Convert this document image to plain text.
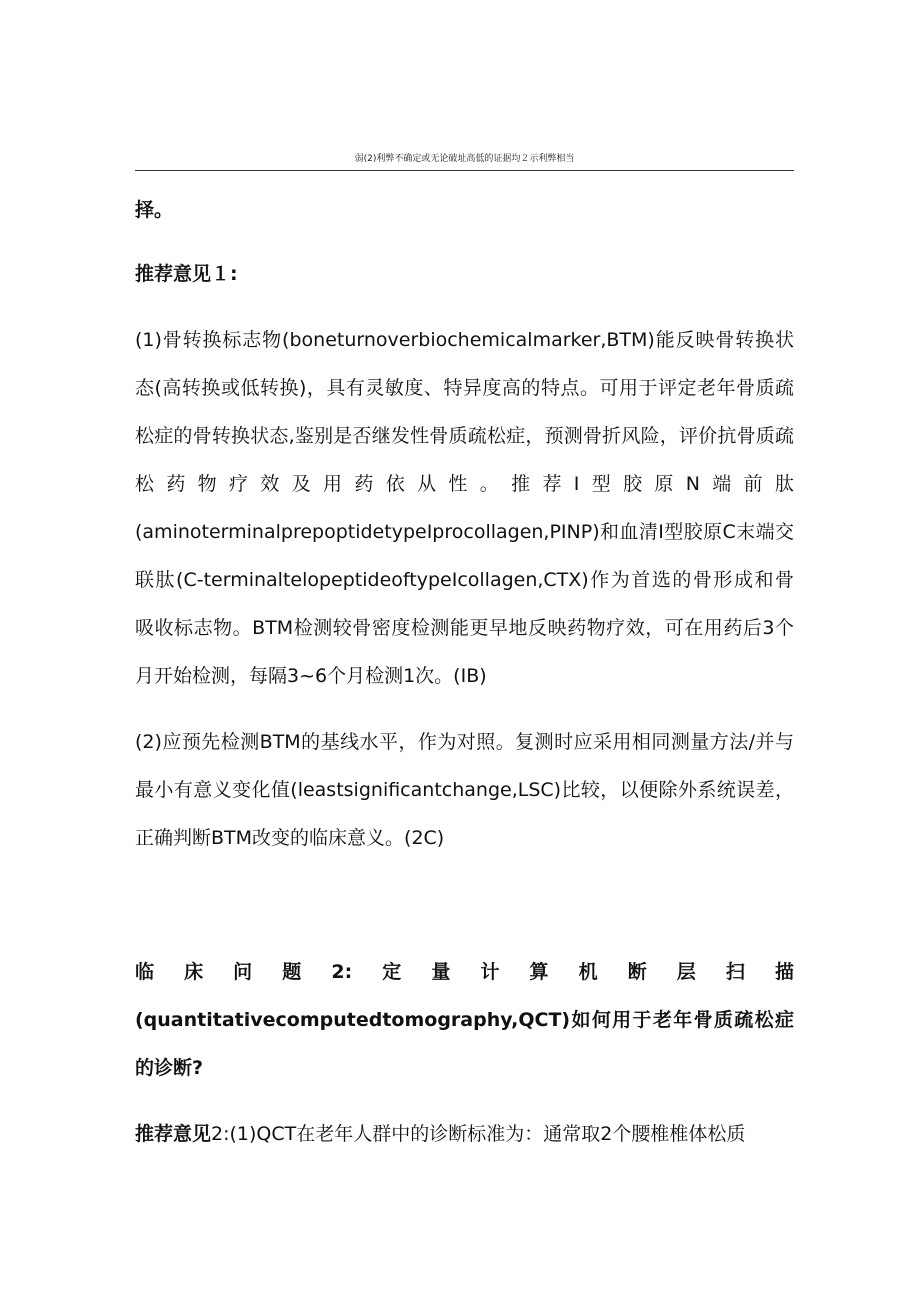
弱(2)利弊不确定或无论破址高低的证据均２示利弊相当
择。
推荐意见１:
(1)骨转换标志物(boneturnoverbiochemicalmarker,BTM)能反映骨转换状态(高转换或低转换)，具有灵敏度、特异度高的特点。可用于评定老年骨质疏松症的骨转换状态,鉴别是否继发性骨质疏松症，预测骨折风险，评价抗骨质疏松药物疗效及用药依从性。推荐Ⅰ型胶原N端前肽(aminoterminalprepoptidetypeIprocollagen,PINP)和血清Ⅰ型胶原C末端交联肽(C-terminaltelopeptideoftypeIcollagen,CTX)作为首选的骨形成和骨吸收标志物。BTM检测较骨密度检测能更早地反映药物疗效，可在用药后3个月开始检测，每隔3~6个月检测1次。(IB)
(2)应预先检测BTM的基线水平，作为对照。复测时应采用相同测量方法/并与最小有意义变化值(leastsignificantchange,LSC)比较，以便除外系统误差，正确判断BTM改变的临床意义。(2C)
临床问题2:定量计算机断层扫描
(quantitativecomputedtomography,QCT)如何用于老年骨质疏松症的诊断?
推荐意见2:(1)QCT在老年人群中的诊断标准为：通常取2个腰椎椎体松质
